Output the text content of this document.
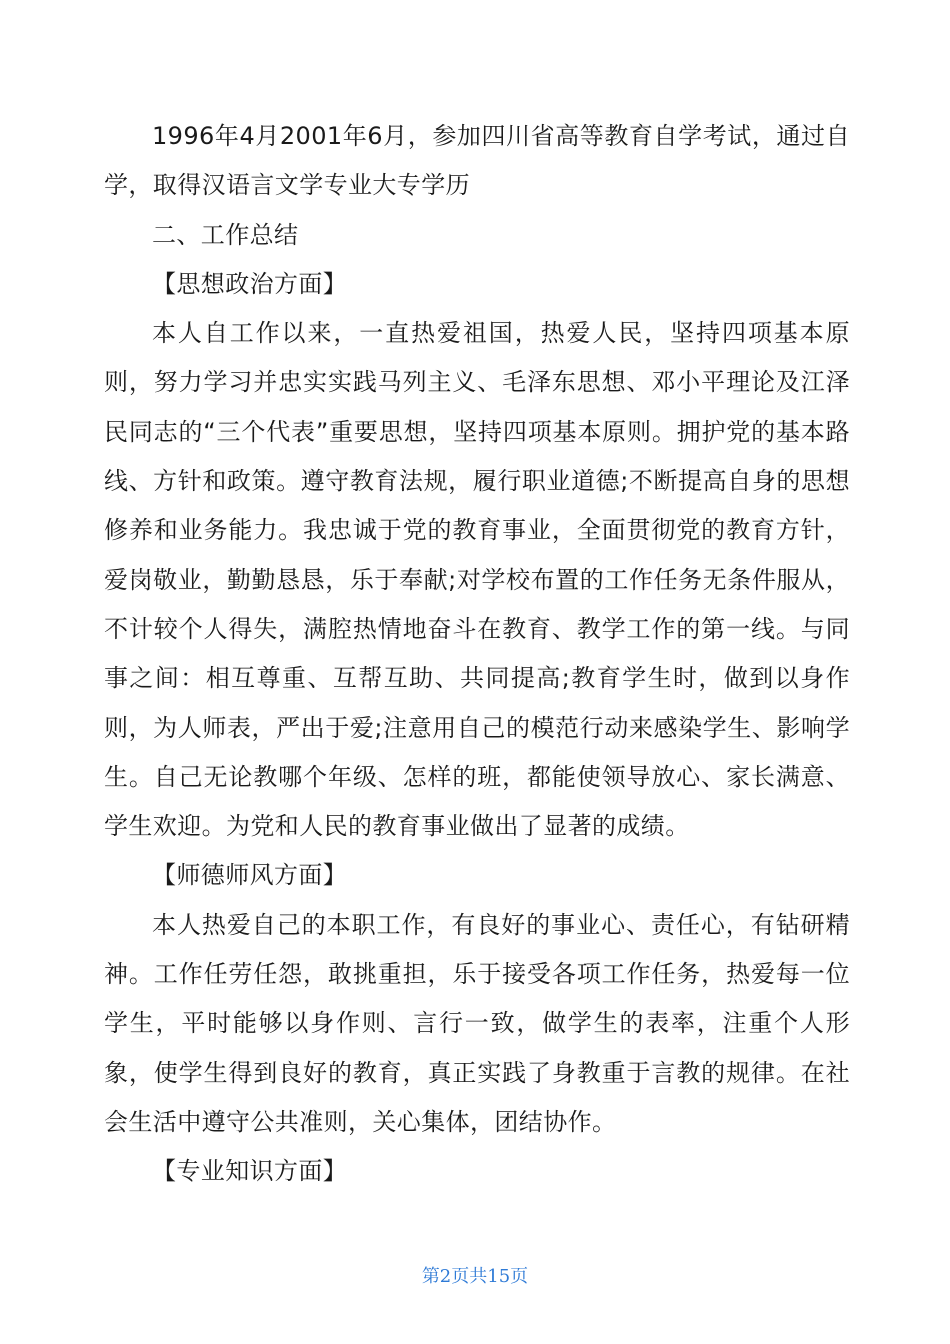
1996年4月2001年6月，参加四川省高等教育自学考试，通过自学，取得汉语言文学专业大专学历

二、工作总结

【思想政治方面】

本人自工作以来，一直热爱祖国，热爱人民，坚持四项基本原则，努力学习并忠实实践马列主义、毛泽东思想、邓小平理论及江泽民同志的“三个代表”重要思想，坚持四项基本原则。拥护党的基本路线、方针和政策。遵守教育法规，履行职业道德;不断提高自身的思想修养和业务能力。我忠诚于党的教育事业，全面贯彻党的教育方针，爱岗敬业，勤勤恳恳，乐于奉献;对学校布置的工作任务无条件服从，不计较个人得失，满腔热情地奋斗在教育、教学工作的第一线。与同事之间：相互尊重、互帮互助、共同提高;教育学生时，做到以身作则，为人师表，严出于爱;注意用自己的模范行动来感染学生、影响学生。自己无论教哪个年级、怎样的班，都能使领导放心、家长满意、学生欢迎。为党和人民的教育事业做出了显著的成绩。

【师德师风方面】

本人热爱自己的本职工作，有良好的事业心、责任心，有钻研精神。工作任劳任怨，敢挑重担，乐于接受各项工作任务，热爱每一位学生，平时能够以身作则、言行一致，做学生的表率，注重个人形象，使学生得到良好的教育，真正实践了身教重于言教的规律。在社会生活中遵守公共准则，关心集体，团结协作。

【专业知识方面】

第2页共15页
